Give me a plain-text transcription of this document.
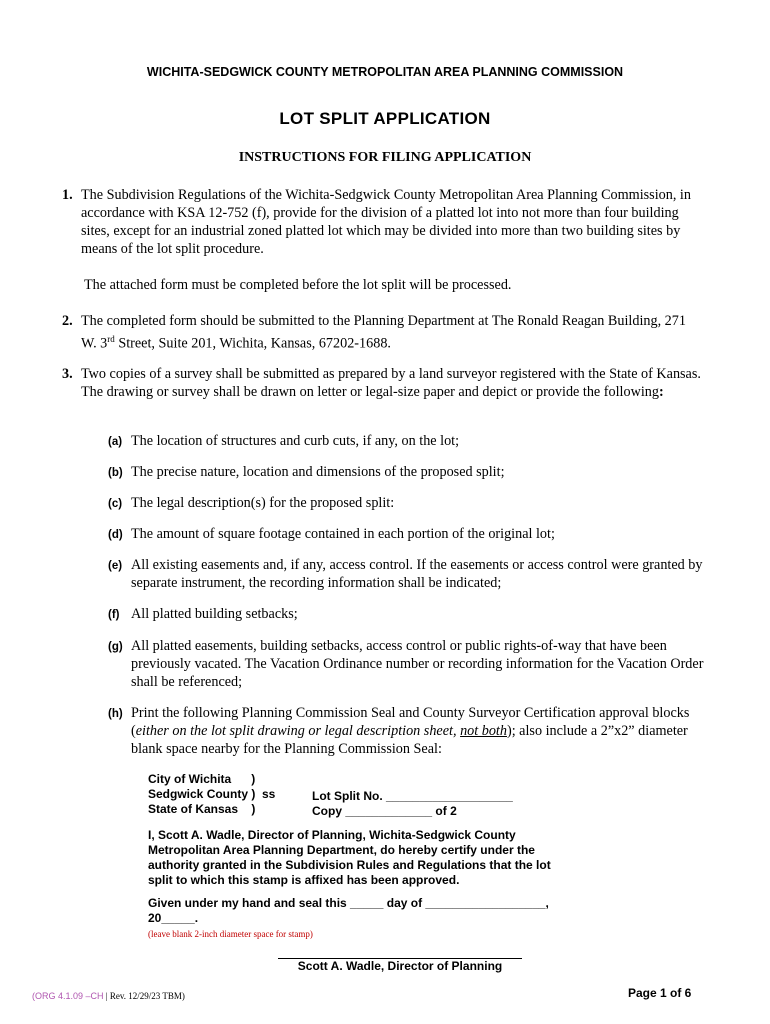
WICHITA-SEDGWICK COUNTY METROPOLITAN AREA PLANNING COMMISSION
LOT SPLIT APPLICATION
INSTRUCTIONS FOR FILING APPLICATION
1. The Subdivision Regulations of the Wichita-Sedgwick County Metropolitan Area Planning Commission, in accordance with KSA 12-752 (f), provide for the division of a platted lot into not more than four building sites, except for an industrial zoned platted lot which may be divided into more than two building sites by means of the lot split procedure.
The attached form must be completed before the lot split will be processed.
2. The completed form should be submitted to the Planning Department at The Ronald Reagan Building, 271 W. 3rd Street, Suite 201, Wichita, Kansas, 67202-1688.
3. Two copies of a survey shall be submitted as prepared by a land surveyor registered with the State of Kansas. The drawing or survey shall be drawn on letter or legal-size paper and depict or provide the following:
(a) The location of structures and curb cuts, if any, on the lot;
(b) The precise nature, location and dimensions of the proposed split;
(c) The legal description(s) for the proposed split:
(d) The amount of square footage contained in each portion of the original lot;
(e) All existing easements and, if any, access control. If the easements or access control were granted by separate instrument, the recording information shall be indicated;
(f) All platted building setbacks;
(g) All platted easements, building setbacks, access control or public rights-of-way that have been previously vacated. The Vacation Ordinance number or recording information for the Vacation Order shall be referenced;
(h) Print the following Planning Commission Seal and County Surveyor Certification approval blocks (either on the lot split drawing or legal description sheet, not both); also include a 2”x2” diameter blank space nearby for the Planning Commission Seal:
City of Wichita      )
Sedgwick County )  ss
State of Kansas    )
Lot Split No. ___________________
Copy _____________ of 2
I, Scott A. Wadle, Director of Planning, Wichita-Sedgwick County Metropolitan Area Planning Department, do hereby certify under the authority granted in the Subdivision Rules and Regulations that the lot split to which this stamp is affixed has been approved.
Given under my hand and seal this _____ day of __________________,
20_____.
(leave blank 2-inch diameter space for stamp)
Scott A. Wadle, Director of Planning
(ORG 4.1.09 –CH | Rev. 12/29/23 TBM)	Page 1 of 6
